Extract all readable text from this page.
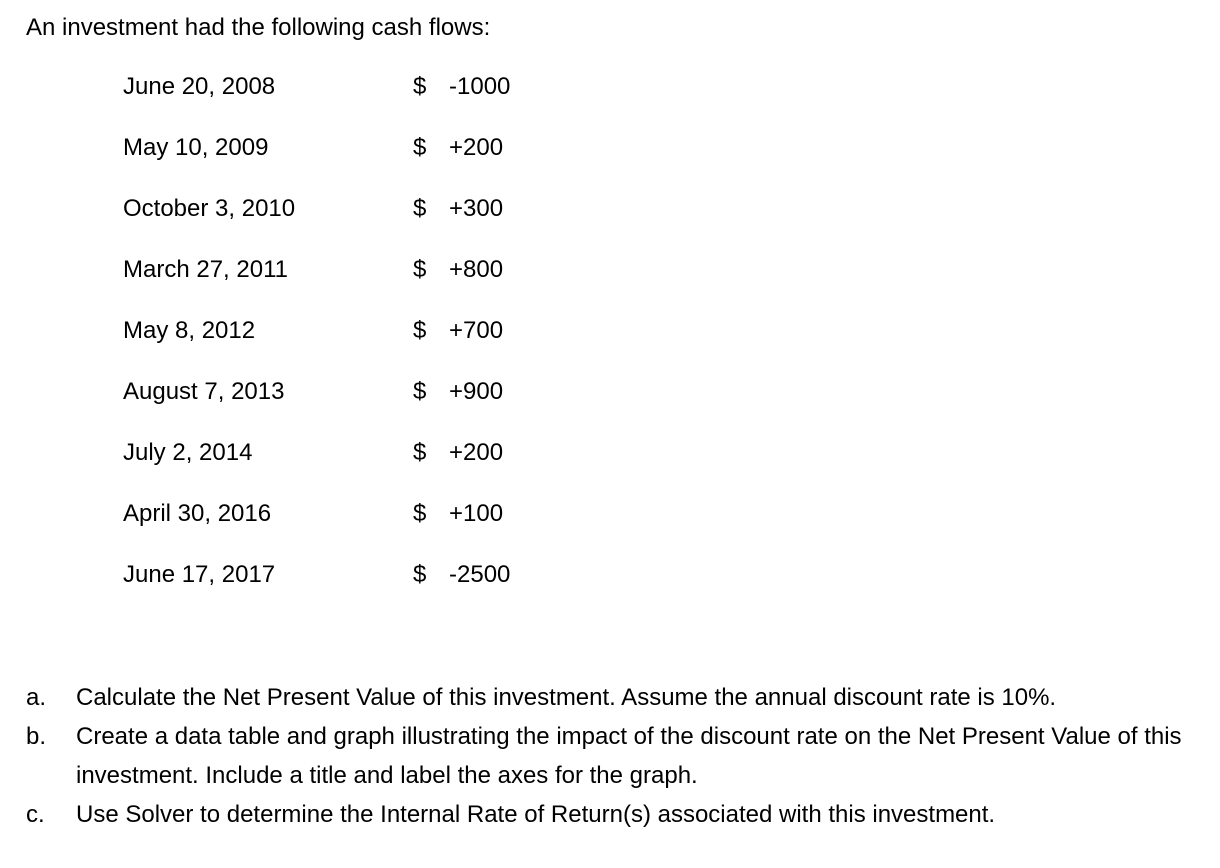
An investment had the following cash flows:
June 20, 2008	$ -1000
May 10, 2009	$ +200
October 3, 2010	$ +300
March 27, 2011	$ +800
May 8, 2012	$ +700
August 7, 2013	$ +900
July 2, 2014	$ +200
April 30, 2016	$ +100
June 17, 2017	$ -2500
a. Calculate the Net Present Value of this investment. Assume the annual discount rate is 10%.
b. Create a data table and graph illustrating the impact of the discount rate on the Net Present Value of this investment. Include a title and label the axes for the graph.
c. Use Solver to determine the Internal Rate of Return(s) associated with this investment.
